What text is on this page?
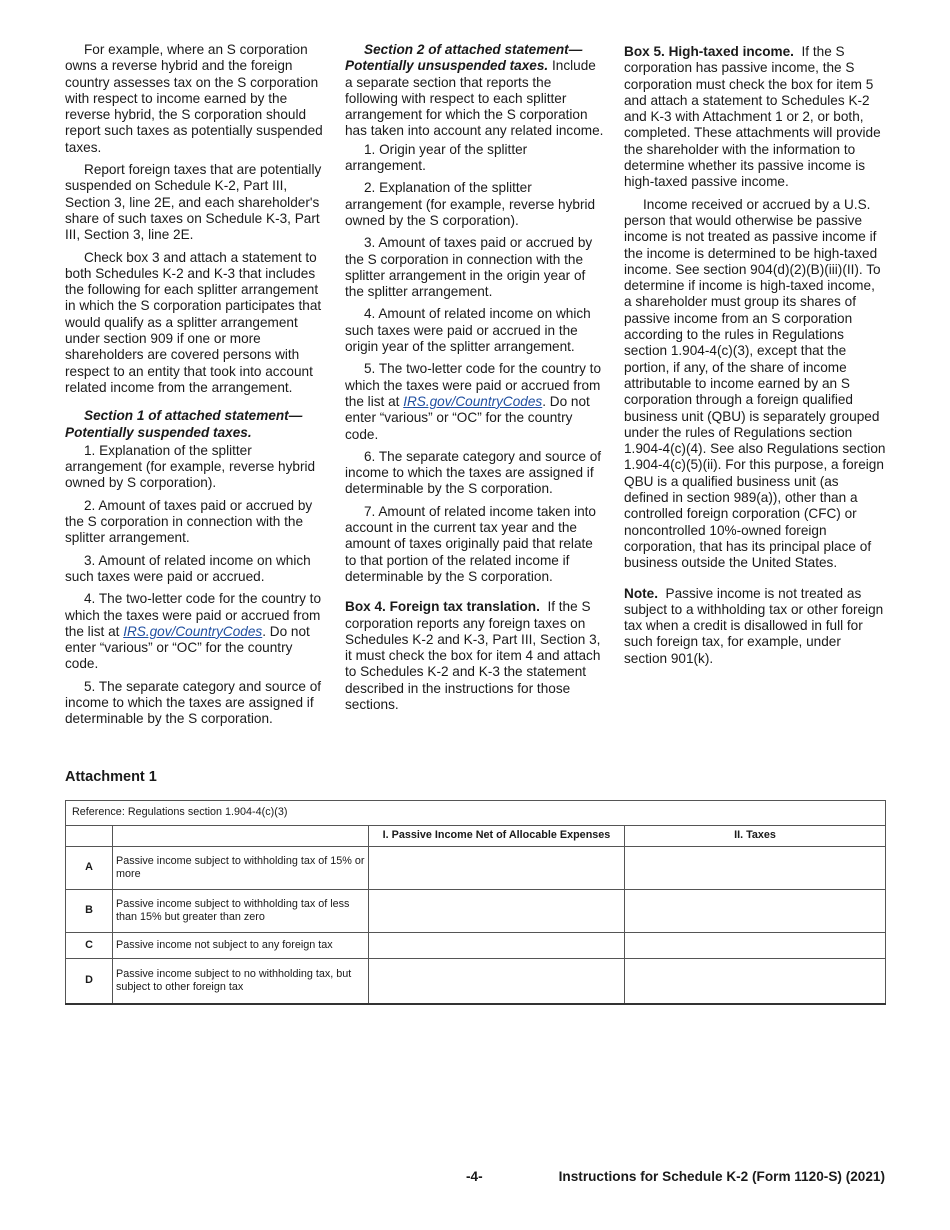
For example, where an S corporation owns a reverse hybrid and the foreign country assesses tax on the S corporation with respect to income earned by the reverse hybrid, the S corporation should report such taxes as potentially suspended taxes.

Report foreign taxes that are potentially suspended on Schedule K-2, Part III, Section 3, line 2E, and each shareholder's share of such taxes on Schedule K-3, Part III, Section 3, line 2E.

Check box 3 and attach a statement to both Schedules K-2 and K-3 that includes the following for each splitter arrangement in which the S corporation participates that would qualify as a splitter arrangement under section 909 if one or more shareholders are covered persons with respect to an entity that took into account related income from the arrangement.

Section 1 of attached statement—Potentially suspended taxes.

1. Explanation of the splitter arrangement (for example, reverse hybrid owned by S corporation).

2. Amount of taxes paid or accrued by the S corporation in connection with the splitter arrangement.

3. Amount of related income on which such taxes were paid or accrued.

4. The two-letter code for the country to which the taxes were paid or accrued from the list at IRS.gov/CountryCodes. Do not enter “various” or “OC” for the country code.

5. The separate category and source of income to which the taxes are assigned if determinable by the S corporation.

Section 2 of attached statement—Potentially unsuspended taxes. Include a separate section that reports the following with respect to each splitter arrangement for which the S corporation has taken into account any related income.

1. Origin year of the splitter arrangement.

2. Explanation of the splitter arrangement (for example, reverse hybrid owned by the S corporation).

3. Amount of taxes paid or accrued by the S corporation in connection with the splitter arrangement in the origin year of the splitter arrangement.

4. Amount of related income on which such taxes were paid or accrued in the origin year of the splitter arrangement.

5. The two-letter code for the country to which the taxes were paid or accrued from the list at IRS.gov/CountryCodes. Do not enter “various” or “OC” for the country code.

6. The separate category and source of income to which the taxes are assigned if determinable by the S corporation.

7. Amount of related income taken into account in the current tax year and the amount of taxes originally paid that relate to that portion of the related income if determinable by the S corporation.

Box 4. Foreign tax translation. If the S corporation reports any foreign taxes on Schedules K-2 and K-3, Part III, Section 3, it must check the box for item 4 and attach to Schedules K-2 and K-3 the statement described in the instructions for those sections.

Box 5. High-taxed income. If the S corporation has passive income, the S corporation must check the box for item 5 and attach a statement to Schedules K-2 and K-3 with Attachment 1 or 2, or both, completed. These attachments will provide the shareholder with the information to determine whether its passive income is high-taxed passive income.

Income received or accrued by a U.S. person that would otherwise be passive income is not treated as passive income if the income is determined to be high-taxed income. See section 904(d)(2)(B)(iii)(II). To determine if income is high-taxed income, a shareholder must group its shares of passive income from an S corporation according to the rules in Regulations section 1.904-4(c)(3), except that the portion, if any, of the share of income attributable to income earned by an S corporation through a foreign qualified business unit (QBU) is separately grouped under the rules of Regulations section 1.904-4(c)(4). See also Regulations section 1.904-4(c)(5)(ii). For this purpose, a foreign QBU is a qualified business unit (as defined in section 989(a)), other than a controlled foreign corporation (CFC) or noncontrolled 10%-owned foreign corporation, that has its principal place of business outside the United States.

Note. Passive income is not treated as subject to a withholding tax or other foreign tax when a credit is disallowed in full for such foreign tax, for example, under section 901(k).

Attachment 1
Reference: Regulations section 1.904-4(c)(3)			
		I. Passive Income Net of Allocable Expenses	II. Taxes
A	Passive income subject to withholding tax of 15% or more		
B	Passive income subject to withholding tax of less than 15% but greater than zero		
C	Passive income not subject to any foreign tax		
D	Passive income subject to no withholding tax, but subject to other foreign tax		
-4-	Instructions for Schedule K-2 (Form 1120-S) (2021)
